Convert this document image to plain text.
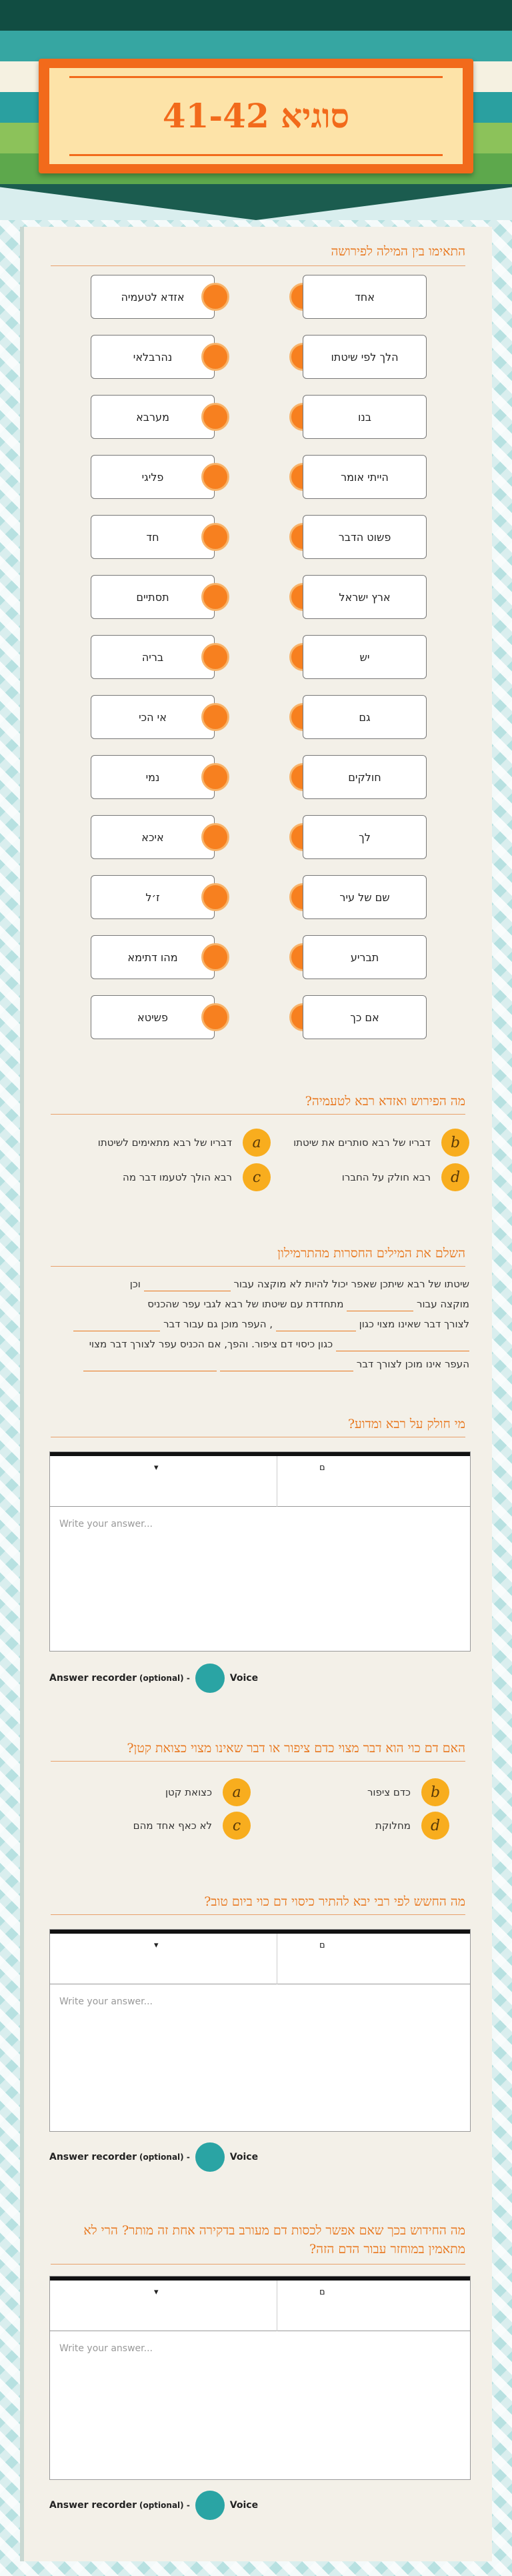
סוגיא 41-42
התאימו בין המילה לפירושה
אזדא לטעמיה	אחד
נהרבלאי	הלך לפי שיטתו
מערבא	בנו
פליגי	הייתי אומר
חד	פשוט הדבר
תסתיים	ארץ ישראל
בריה	יש
אי הכי	גם
נמי	חולקים
איכא	לך
ז׳ל	שם של עיר
מהו דתימא	תבריע
פשיטא	אם כך
מה הפירוש ואזדא רבא לטעמיה?
b
דבריו של רבא סותרים את שיטתו
a
דבריו של רבא מתאימים לשיטתו
d
רבא חולק על החברו
c
רבא הולך לטעמו דבר מה
השלם את המילים החסרות מהתרמילון
שיטתו של רבא שיתכן שאפר יכול להיות לא מוקצה עבור  וכן
מוקצה עבור  מתחדדת עם שיטתו של רבא לגבי עפר שהכניס
לצורך דבר שאינו מצוי כגון  , העפר מוכן גם עבור דבר
כגון כיסוי דם ציפור. והפך, אם הכניס עפר לצורך דבר מצוי
העפר אינו מוכן לצורך דבר
מי חולק על רבא ומדוע?
▾	ם
Write your answer...
Answer recorder (optional) -	Voice
האם דם כוי הוא דבר מצוי כדם ציפור או דבר שאינו מצוי כצואת קטן?
b
כדם ציפור
a
כצואת קטן
d
מחלוקת
c
לא כאף אחד מהם
מה החשש לפי רבי יבא להתיר כיסוי דם כוי ביום טוב?
▾	ם
Write your answer...
Answer recorder (optional) -	Voice
מה החידוש בכך שאם אפשר לכסות דם מעורב בדקירה אחת זה מותר? הרי לא מתאמין במוחזר עבור הדם הזה?
▾	ם
Write your answer...
Answer recorder (optional) -	Voice
